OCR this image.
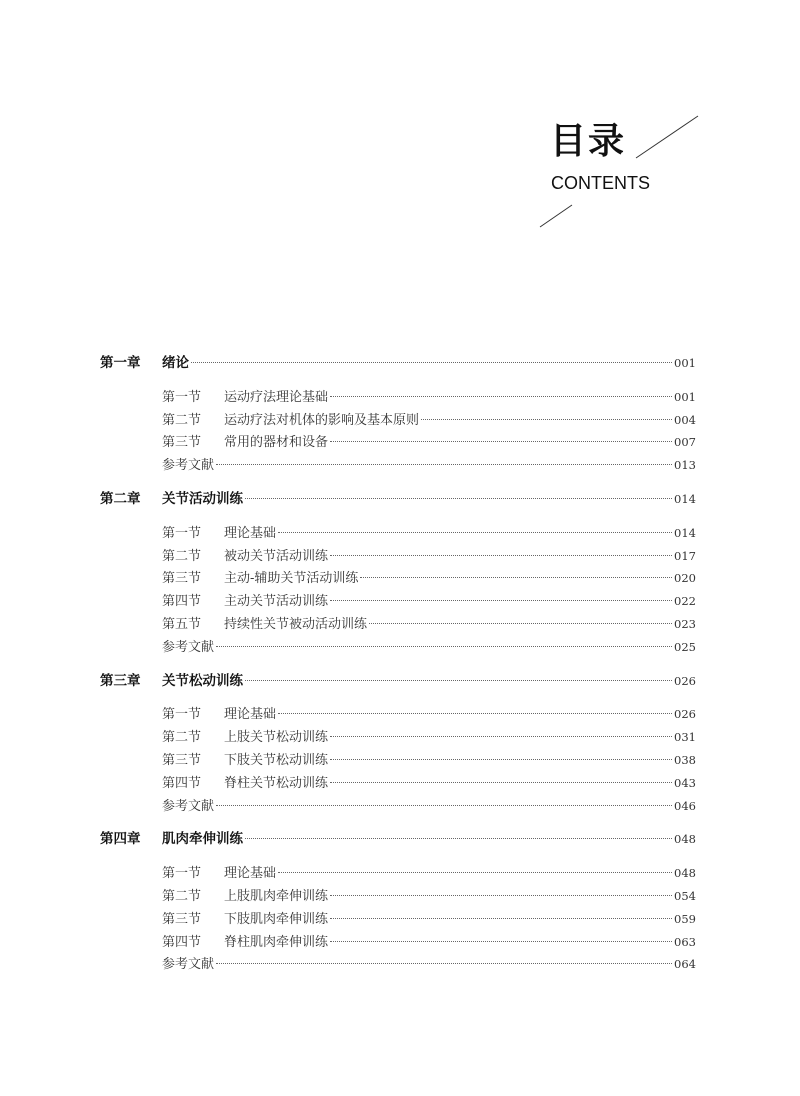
目录
CONTENTS
第一章	绪论	001
第一节	运动疗法理论基础	001
第二节	运动疗法对机体的影响及基本原则	004
第三节	常用的器材和设备	007
参考文献	013
第二章	关节活动训练	014
第一节	理论基础	014
第二节	被动关节活动训练	017
第三节	主动-辅助关节活动训练	020
第四节	主动关节活动训练	022
第五节	持续性关节被动活动训练	023
参考文献	025
第三章	关节松动训练	026
第一节	理论基础	026
第二节	上肢关节松动训练	031
第三节	下肢关节松动训练	038
第四节	脊柱关节松动训练	043
参考文献	046
第四章	肌肉牵伸训练	048
第一节	理论基础	048
第二节	上肢肌肉牵伸训练	054
第三节	下肢肌肉牵伸训练	059
第四节	脊柱肌肉牵伸训练	063
参考文献	064
